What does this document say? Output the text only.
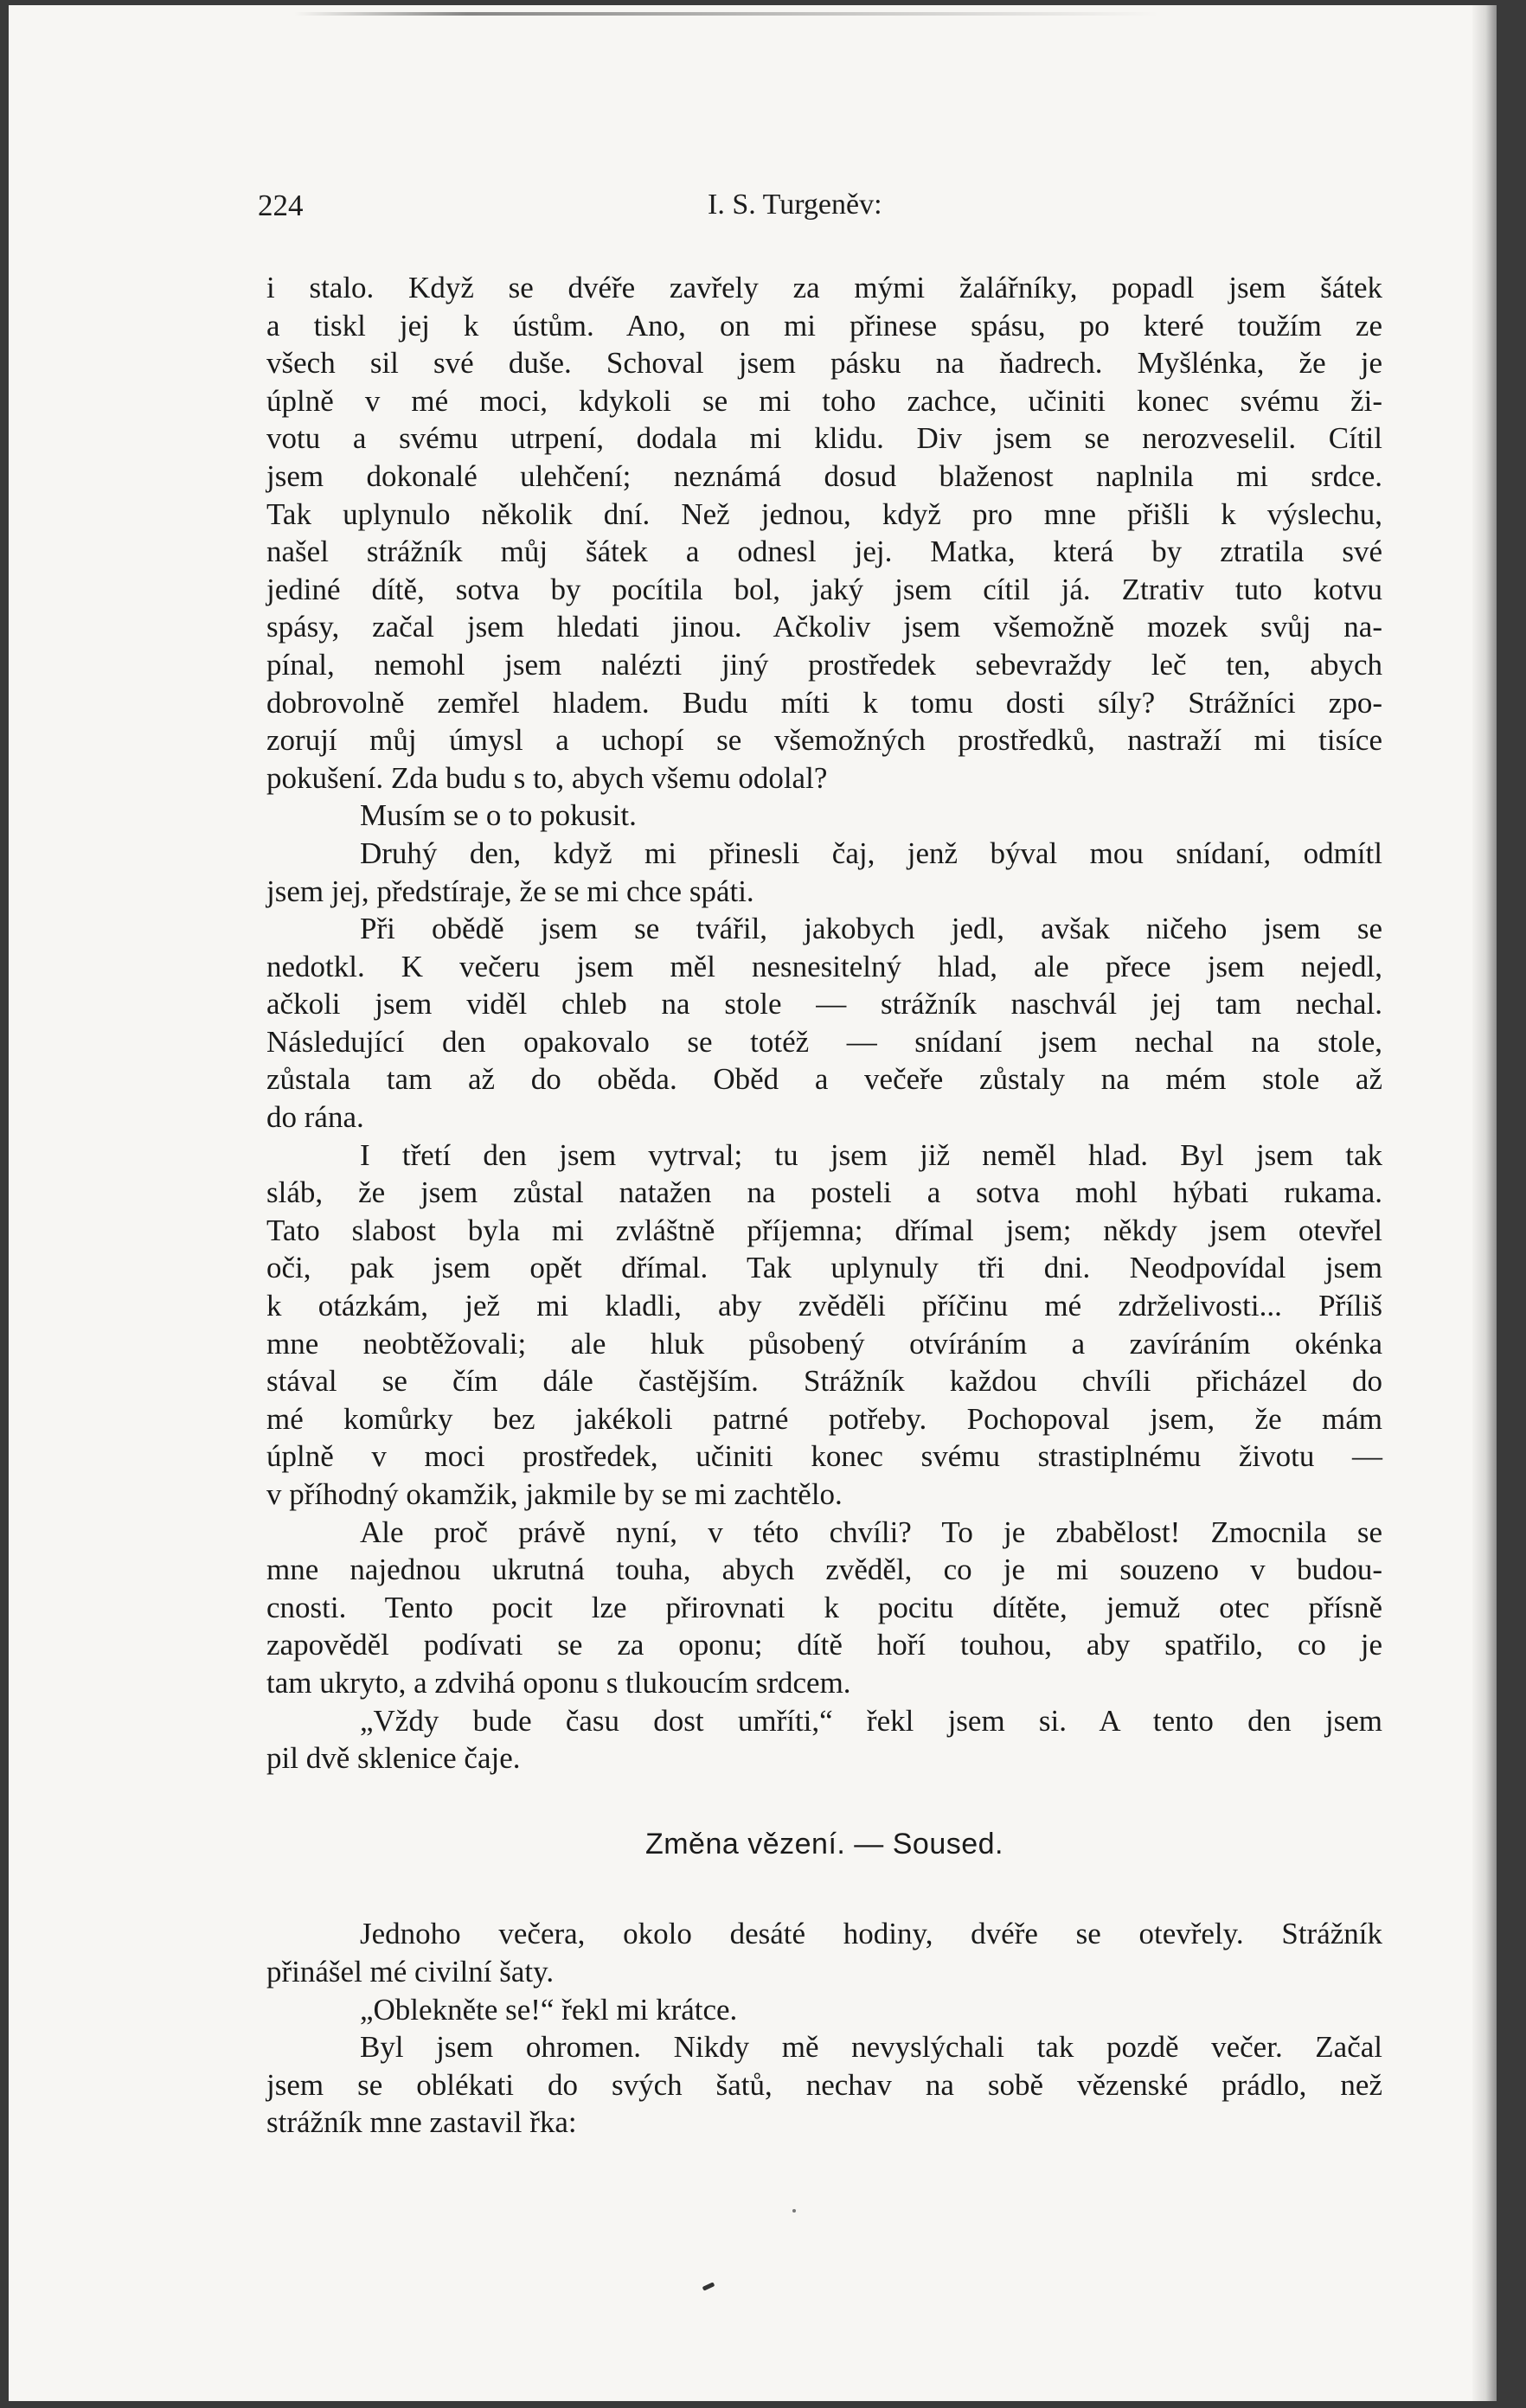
224	I. S. Turgeněv:
i stalo. Když se dvéře zavřely za mými žalářníky, popadl jsem šátek
a tiskl jej k ústům. Ano, on mi přinese spásu, po které toužím ze
všech sil své duše. Schoval jsem pásku na ňadrech. Myšlénka, že je
úplně v mé moci, kdykoli se mi toho zachce, učiniti konec svému ži-
votu a svému utrpení, dodala mi klidu. Div jsem se nerozveselil. Cítil
jsem dokonalé ulehčení; neznámá dosud blaženost naplnila mi srdce.
Tak uplynulo několik dní. Než jednou, když pro mne přišli k výslechu,
našel strážník můj šátek a odnesl jej. Matka, která by ztratila své
jediné dítě, sotva by pocítila bol, jaký jsem cítil já. Ztrativ tuto kotvu
spásy, začal jsem hledati jinou. Ačkoliv jsem všemožně mozek svůj na-
pínal, nemohl jsem nalézti jiný prostředek sebevraždy leč ten, abych
dobrovolně zemřel hladem. Budu míti k tomu dosti síly? Strážníci zpo-
zorují můj úmysl a uchopí se všemožných prostředků, nastraží mi tisíce
pokušení. Zda budu s to, abych všemu odolal?
Musím se o to pokusit.
Druhý den, když mi přinesli čaj, jenž býval mou snídaní, odmítl
jsem jej, předstíraje, že se mi chce spáti.
Při obědě jsem se tvářil, jakobych jedl, avšak ničeho jsem se
nedotkl. K večeru jsem měl nesnesitelný hlad, ale přece jsem nejedl,
ačkoli jsem viděl chleb na stole — strážník naschvál jej tam nechal.
Následující den opakovalo se totéž — snídaní jsem nechal na stole,
zůstala tam až do oběda. Oběd a večeře zůstaly na mém stole až
do rána.
I třetí den jsem vytrval; tu jsem již neměl hlad. Byl jsem tak
sláb, že jsem zůstal natažen na posteli a sotva mohl hýbati rukama.
Tato slabost byla mi zvláštně příjemna; dřímal jsem; někdy jsem otevřel
oči, pak jsem opět dřímal. Tak uplynuly tři dni. Neodpovídal jsem
k otázkám, jež mi kladli, aby zvěděli příčinu mé zdrželivosti... Příliš
mne neobtěžovali; ale hluk působený otvíráním a zavíráním okénka
stával se čím dále častějším. Strážník každou chvíli přicházel do
mé komůrky bez jakékoli patrné potřeby. Pochopoval jsem, že mám
úplně v moci prostředek, učiniti konec svému strastiplnému životu —
v příhodný okamžik, jakmile by se mi zachtělo.
Ale proč právě nyní, v této chvíli? To je zbabělost! Zmocnila se
mne najednou ukrutná touha, abych zvěděl, co je mi souzeno v budou-
cnosti. Tento pocit lze přirovnati k pocitu dítěte, jemuž otec přísně
zapověděl podívati se za oponu; dítě hoří touhou, aby spatřilo, co je
tam ukryto, a zdvihá oponu s tlukoucím srdcem.
„Vždy bude času dost umříti,“ řekl jsem si. A tento den jsem
pil dvě sklenice čaje.
Změna vězení. — Soused.
Jednoho večera, okolo desáté hodiny, dvéře se otevřely. Strážník
přinášel mé civilní šaty.
„Oblekněte se!“ řekl mi krátce.
Byl jsem ohromen. Nikdy mě nevyslýchali tak pozdě večer. Začal
jsem se oblékati do svých šatů, nechav na sobě vězenské prádlo, než
strážník mne zastavil řka:
